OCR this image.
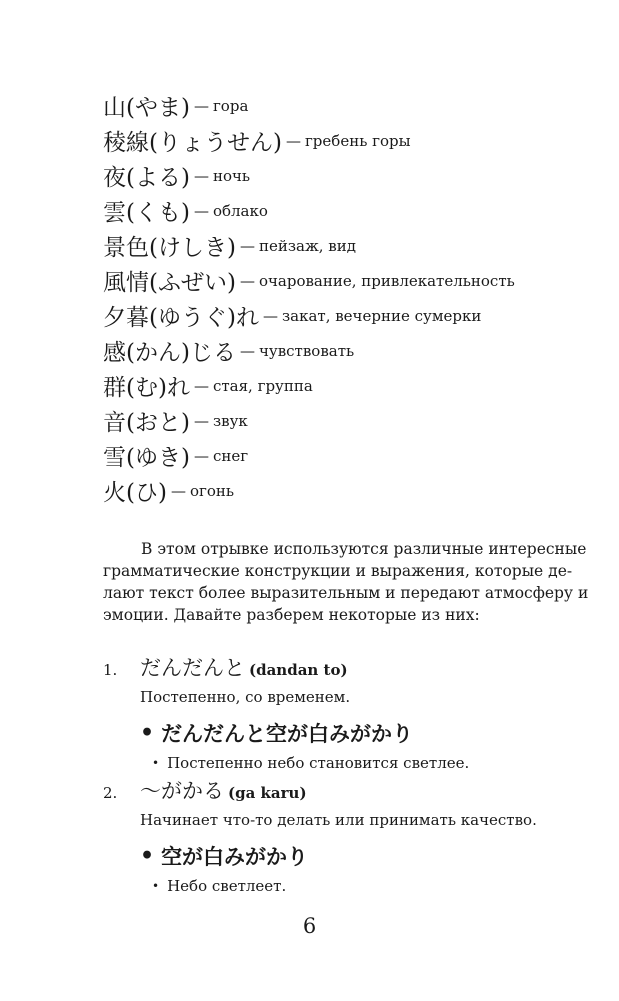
山(やま) — гора
稜線(りょうせん) — гребень горы
夜(よる) — ночь
雲(くも) — облако
景色(けしき) — пейзаж, вид
風情(ふぜい) — очарование, привлекательность
夕暮(ゆうぐ)れ — закат, вечерние сумерки
感(かん)じる — чувствовать
群(む)れ — стая, группа
音(おと) — звук
雪(ゆき) — снег
火(ひ) — огонь
В этом отрывке используются различные интересные
грамматические конструкции и выражения, которые де-
лают текст более выразительным и передают атмосферу и
эмоции. Давайте разберем некоторые из них:
1.	だんだんと (dandan to)
Постепенно, со временем.
• だんだんと空が白みがかり
• Постепенно небо становится светлее.
2.	〜がかる (ga karu)
Начинает что-то делать или принимать качество.
• 空が白みがかり
• Небо светлеет.
6
